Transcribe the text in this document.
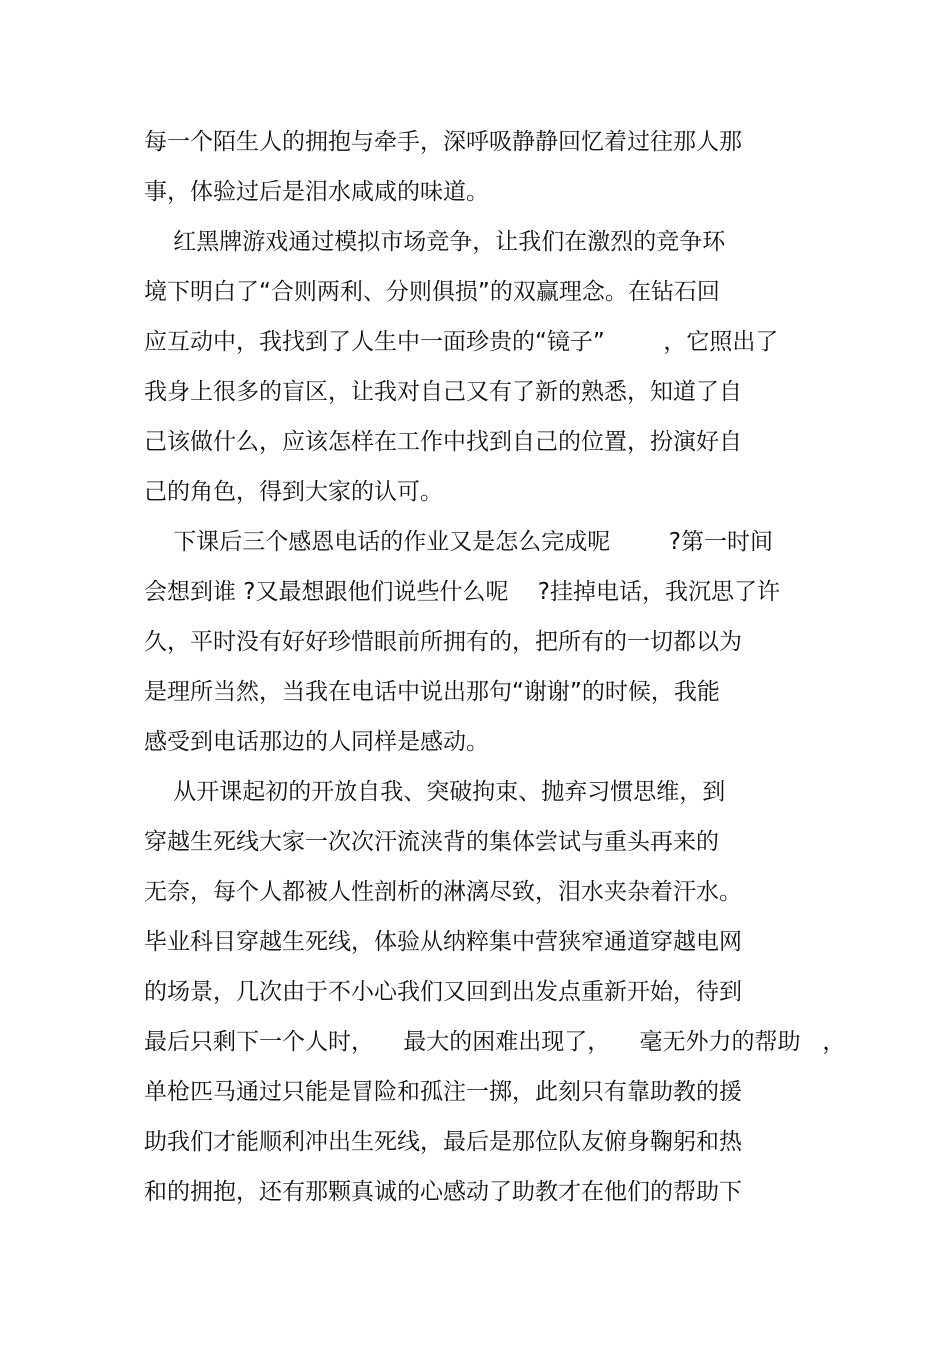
每一个陌生人的拥抱与牵手，深呼吸静静回忆着过往那人那
事，体验过后是泪水咸咸的味道。
红黑牌游戏通过模拟市场竞争，让我们在激烈的竞争环
境下明白了“合则两利、分则俱损”的双赢理念。在钻石回
应互动中，我找到了人生中一面珍贵的“镜子”        ，它照出了
我身上很多的盲区，让我对自己又有了新的熟悉，知道了自
己该做什么，应该怎样在工作中找到自己的位置，扮演好自
己的角色，得到大家的认可。
下课后三个感恩电话的作业又是怎么完成呢        ?第一时间
会想到谁 ?又最想跟他们说些什么呢    ?挂掉电话，我沉思了许
久，平时没有好好珍惜眼前所拥有的，把所有的一切都以为
是理所当然，当我在电话中说出那句“谢谢”的时候，我能
感受到电话那边的人同样是感动。
从开课起初的开放自我、突破拘束、抛弃习惯思维，到
穿越生死线大家一次次汗流浃背的集体尝试与重头再来的
无奈，每个人都被人性剖析的淋漓尽致，泪水夹杂着汗水。
毕业科目穿越生死线，体验从纳粹集中营狭窄通道穿越电网
的场景，几次由于不小心我们又回到出发点重新开始，待到
最后只剩下一个人时，    最大的困难出现了，    毫无外力的帮助   ，
单枪匹马通过只能是冒险和孤注一掷，此刻只有靠助教的援
助我们才能顺利冲出生死线，最后是那位队友俯身鞠躬和热
和的拥抱，还有那颗真诚的心感动了助教才在他们的帮助下
